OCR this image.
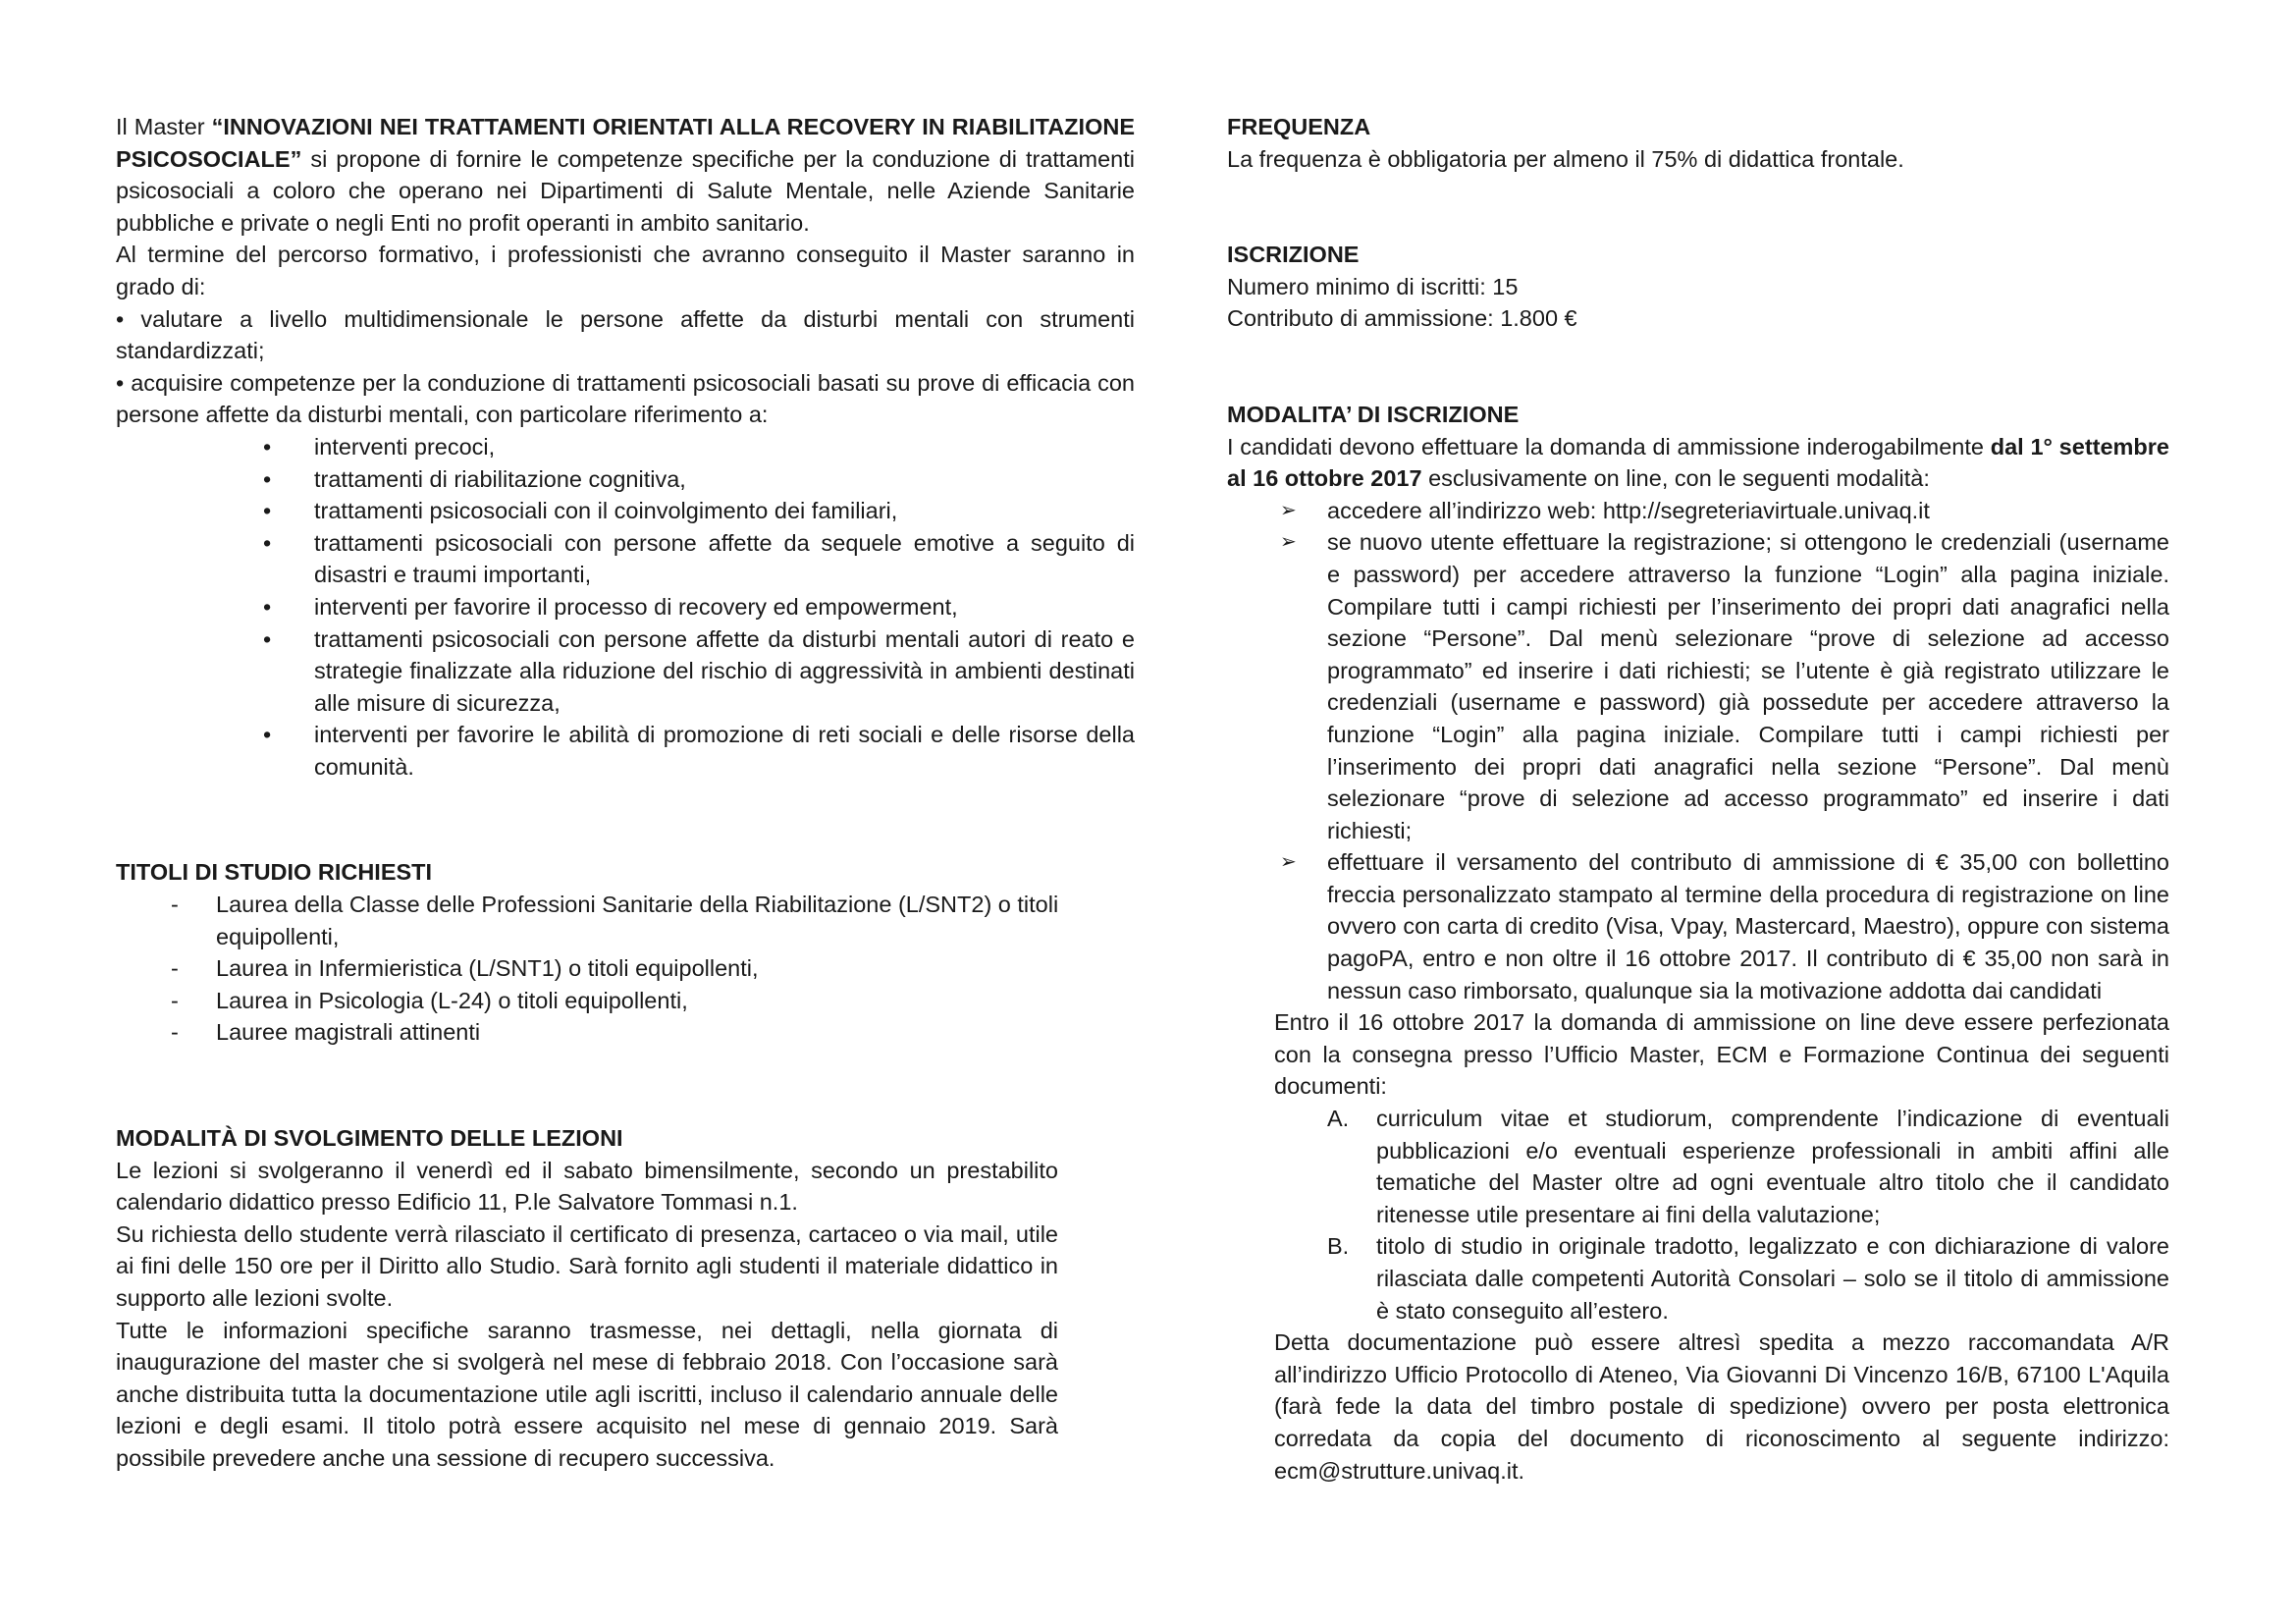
Il Master “INNOVAZIONI NEI TRATTAMENTI ORIENTATI ALLA RECOVERY IN RIABILITAZIONE PSICOSOCIALE” si propone di fornire le competenze specifiche per la conduzione di trattamenti psicosociali a coloro che operano nei Dipartimenti di Salute Mentale, nelle Aziende Sanitarie pubbliche e private o negli Enti no profit operanti in ambito sanitario.

Al termine del percorso formativo, i professionisti che avranno conseguito il Master saranno in grado di:

• valutare a livello multidimensionale le persone affette da disturbi mentali con strumenti standardizzati;

• acquisire competenze per la conduzione di trattamenti psicosociali basati su prove di efficacia con persone affette da disturbi mentali, con particolare riferimento a:

• interventi precoci,
• trattamenti di riabilitazione cognitiva,
• trattamenti psicosociali con il coinvolgimento dei familiari,
• trattamenti psicosociali con persone affette da sequele emotive a seguito di disastri e traumi importanti,
• interventi per favorire il processo di recovery ed empowerment,
• trattamenti psicosociali con persone affette da disturbi mentali autori di reato e strategie finalizzate alla riduzione del rischio di aggressività in ambienti destinati alle misure di sicurezza,
• interventi per favorire le abilità di promozione di reti sociali e delle risorse della comunità.

TITOLI DI STUDIO RICHIESTI

- Laurea della Classe delle Professioni Sanitarie della Riabilitazione (L/SNT2) o titoli equipollenti,
- Laurea in Infermieristica (L/SNT1) o titoli equipollenti,
- Laurea in Psicologia (L-24) o titoli equipollenti,
- Lauree magistrali attinenti

MODALITÀ DI SVOLGIMENTO DELLE LEZIONI

Le lezioni si svolgeranno il venerdì ed il sabato bimensilmente, secondo un prestabilito calendario didattico presso Edificio 11, P.le Salvatore Tommasi n.1.

Su richiesta dello studente verrà rilasciato il certificato di presenza, cartaceo o via mail, utile ai fini delle 150 ore per il Diritto allo Studio. Sarà fornito agli studenti il materiale didattico in supporto alle lezioni svolte.

Tutte le informazioni specifiche saranno trasmesse, nei dettagli, nella giornata di inaugurazione del master che si svolgerà nel mese di febbraio 2018. Con l’occasione sarà anche distribuita tutta la documentazione utile agli iscritti, incluso il calendario annuale delle lezioni e degli esami. Il titolo potrà essere acquisito nel mese di gennaio 2019. Sarà possibile prevedere anche una sessione di recupero successiva.

FREQUENZA

La frequenza è obbligatoria per almeno il 75% di didattica frontale.

ISCRIZIONE

Numero minimo di iscritti: 15

Contributo di ammissione: 1.800 €

MODALITA’ DI ISCRIZIONE

I candidati devono effettuare la domanda di ammissione inderogabilmente dal 1° settembre al 16 ottobre 2017 esclusivamente on line, con le seguenti modalità:

➢ accedere all’indirizzo web: http://segreteriavirtuale.univaq.it
➢ se nuovo utente effettuare la registrazione; si ottengono le credenziali (username e password) per accedere attraverso la funzione “Login” alla pagina iniziale. Compilare tutti i campi richiesti per l’inserimento dei propri dati anagrafici nella sezione “Persone”. Dal menù selezionare “prove di selezione ad accesso programmato” ed inserire i dati richiesti; se l’utente è già registrato utilizzare le credenziali (username e password) già possedute per accedere attraverso la funzione “Login” alla pagina iniziale. Compilare tutti i campi richiesti per l’inserimento dei propri dati anagrafici nella sezione “Persone”. Dal menù selezionare “prove di selezione ad accesso programmato” ed inserire i dati richiesti;
➢ effettuare il versamento del contributo di ammissione di € 35,00 con bollettino freccia personalizzato stampato al termine della procedura di registrazione on line ovvero con carta di credito (Visa, Vpay, Mastercard, Maestro), oppure con sistema pagoPA, entro e non oltre il 16 ottobre 2017. Il contributo di € 35,00 non sarà in nessun caso rimborsato, qualunque sia la motivazione addotta dai candidati

Entro il 16 ottobre 2017 la domanda di ammissione on line deve essere perfezionata con la consegna presso l’Ufficio Master, ECM e Formazione Continua dei seguenti documenti:

A. curriculum vitae et studiorum, comprendente l’indicazione di eventuali pubblicazioni e/o eventuali esperienze professionali in ambiti affini alle tematiche del Master oltre ad ogni eventuale altro titolo che il candidato ritenesse utile presentare ai fini della valutazione;
B. titolo di studio in originale tradotto, legalizzato e con dichiarazione di valore rilasciata dalle competenti Autorità Consolari – solo se il titolo di ammissione è stato conseguito all’estero.

Detta documentazione può essere altresì spedita a mezzo raccomandata A/R all’indirizzo Ufficio Protocollo di Ateneo, Via Giovanni Di Vincenzo 16/B, 67100 L'Aquila (farà fede la data del timbro postale di spedizione) ovvero per posta elettronica corredata da copia del documento di riconoscimento al seguente indirizzo: ecm@strutture.univaq.it.
